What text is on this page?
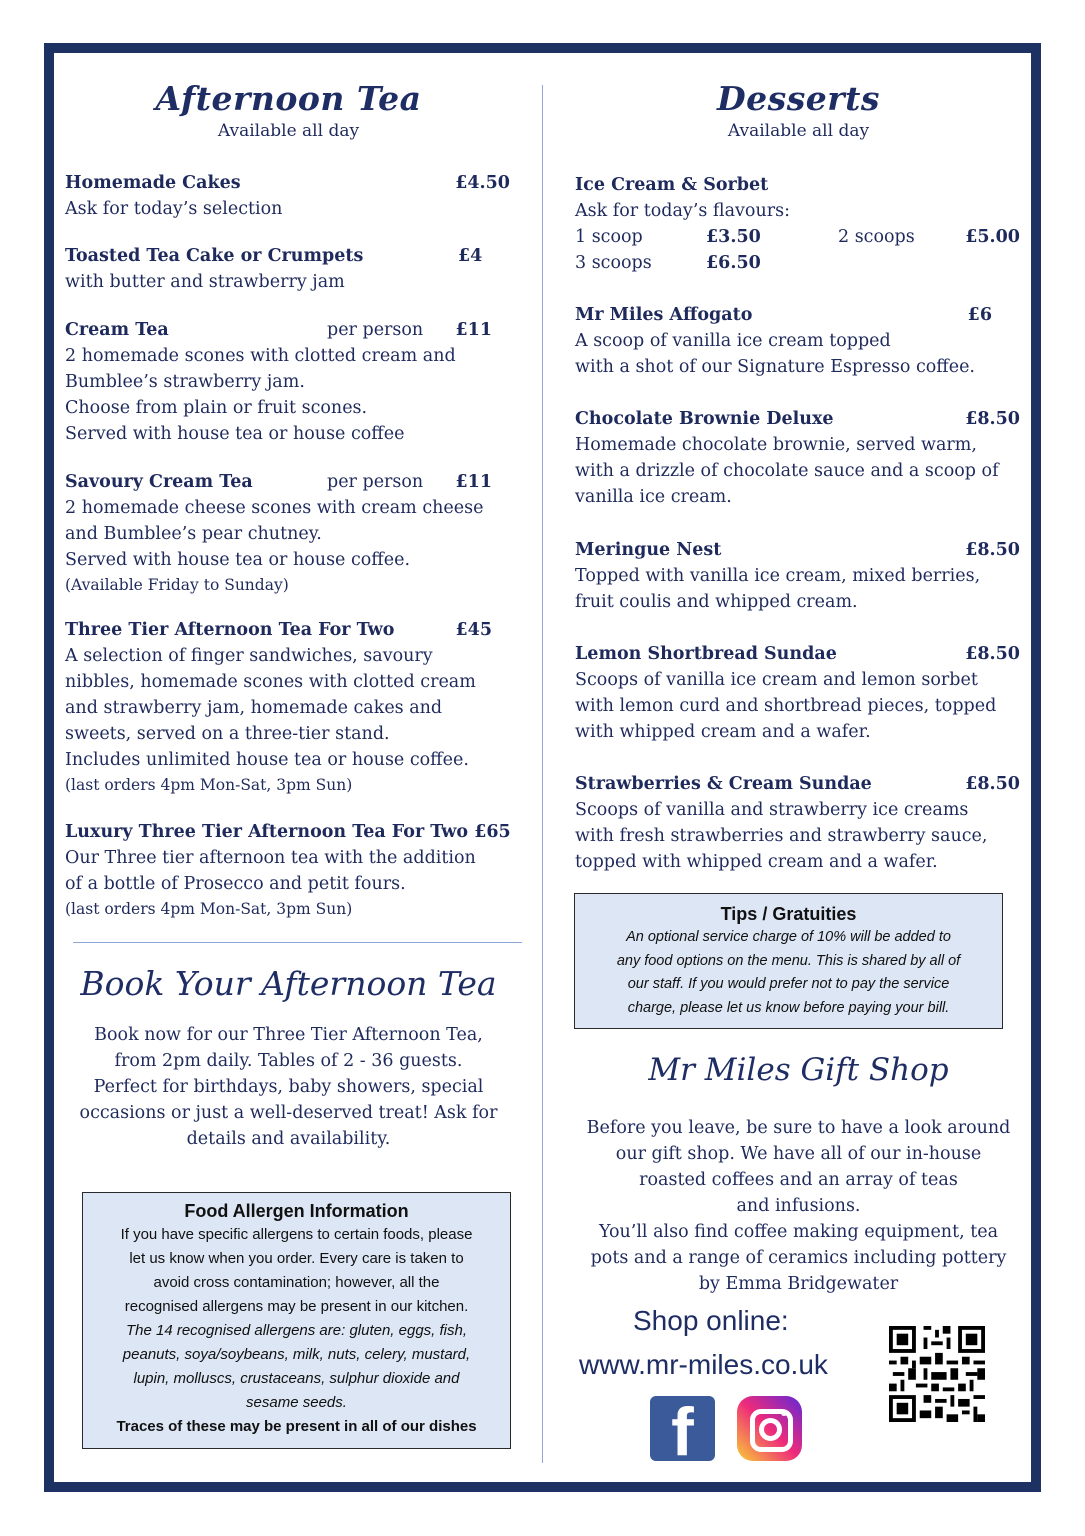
Afternoon Tea
Available all day
Homemade Cakes	£4.50

Ask for today’s selection

Toasted Tea Cake or Crumpets	£4

with butter and strawberry jam

Cream Tea	per person £11

2 homemade scones with clotted cream and

Bumblee’s strawberry jam.

Choose from plain or fruit scones.

Served with house tea or house coffee

Savoury Cream Tea	per person £11

2 homemade cheese scones with cream cheese

and Bumblee’s pear chutney.

Served with house tea or house coffee.

(Available Friday to Sunday)

Three Tier Afternoon Tea For Two	£45

A selection of finger sandwiches, savoury

nibbles, homemade scones with clotted cream

and strawberry jam, homemade cakes and

sweets, served on a three-tier stand.

Includes unlimited house tea or house coffee.

(last orders 4pm Mon-Sat, 3pm Sun)

Luxury Three Tier Afternoon Tea For Two £65

Our Three tier afternoon tea with the addition

of a bottle of Prosecco and petit fours.

(last orders 4pm Mon-Sat, 3pm Sun)

Book Your Afternoon Tea
Book now for our Three Tier Afternoon Tea,
from 2pm daily. Tables of 2 - 36 guests.
Perfect for birthdays, baby showers, special
occasions or just a well-deserved treat! Ask for
details and availability.

Food Allergen Information

If you have specific allergens to certain foods, please

let us know when you order. Every care is taken to

avoid cross contamination; however, all the

recognised allergens may be present in our kitchen.

The 14 recognised allergens are: gluten, eggs, fish,

peanuts, soya/soybeans, milk, nuts, celery, mustard,

lupin, molluscs, crustaceans, sulphur dioxide and

sesame seeds.

Traces of these may be present in all of our dishes

Desserts
Available all day
Ice Cream & Sorbet

Ask for today’s flavours:

1 scoop	£3.50	2 scoops	£5.00
3 scoops	£6.50
Mr Miles Affogato	£6

A scoop of vanilla ice cream topped

with a shot of our Signature Espresso coffee.

Chocolate Brownie Deluxe	£8.50

Homemade chocolate brownie, served warm,

with a drizzle of chocolate sauce and a scoop of

vanilla ice cream.

Meringue Nest	£8.50

Topped with vanilla ice cream, mixed berries,

fruit coulis and whipped cream.

Lemon Shortbread Sundae	£8.50

Scoops of vanilla ice cream and lemon sorbet

with lemon curd and shortbread pieces, topped

with whipped cream and a wafer.

Strawberries & Cream Sundae	£8.50

Scoops of vanilla and strawberry ice creams

with fresh strawberries and strawberry sauce,

topped with whipped cream and a wafer.

Tips / Gratuities

An optional service charge of 10% will be added to

any food options on the menu. This is shared by all of

our staff. If you would prefer not to pay the service

charge, please let us know before paying your bill.

Mr Miles Gift Shop
Before you leave, be sure to have a look around
our gift shop. We have all of our in-house
roasted coffees and an array of teas
and infusions.
You’ll also find coffee making equipment, tea
pots and a range of ceramics including pottery
by Emma Bridgewater
Shop online:
www.mr-miles.co.uk
f
